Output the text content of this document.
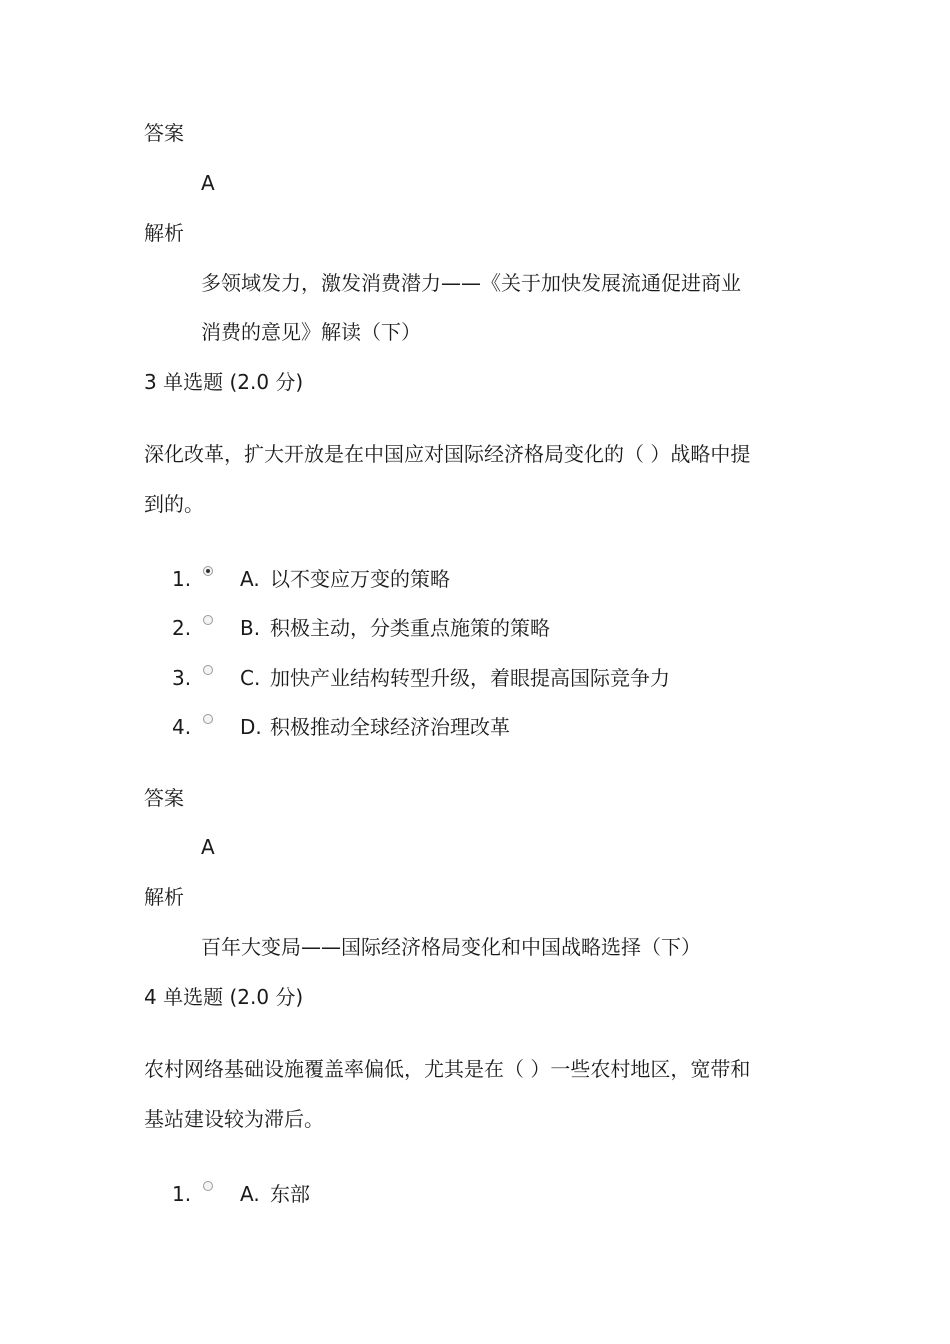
答案
A
解析
多领域发力，激发消费潜力——《关于加快发展流通促进商业
消费的意见》解读（下）
3 单选题 (2.0 分)
深化改革，扩大开放是在中国应对国际经济格局变化的（ ）战略中提
到的。
1. A. 以不变应万变的策略
2. B. 积极主动，分类重点施策的策略
3. C. 加快产业结构转型升级，着眼提高国际竞争力
4. D. 积极推动全球经济治理改革
答案
A
解析
百年大变局——国际经济格局变化和中国战略选择（下）
4 单选题 (2.0 分)
农村网络基础设施覆盖率偏低，尤其是在（ ）一些农村地区，宽带和
基站建设较为滞后。
1. A. 东部
